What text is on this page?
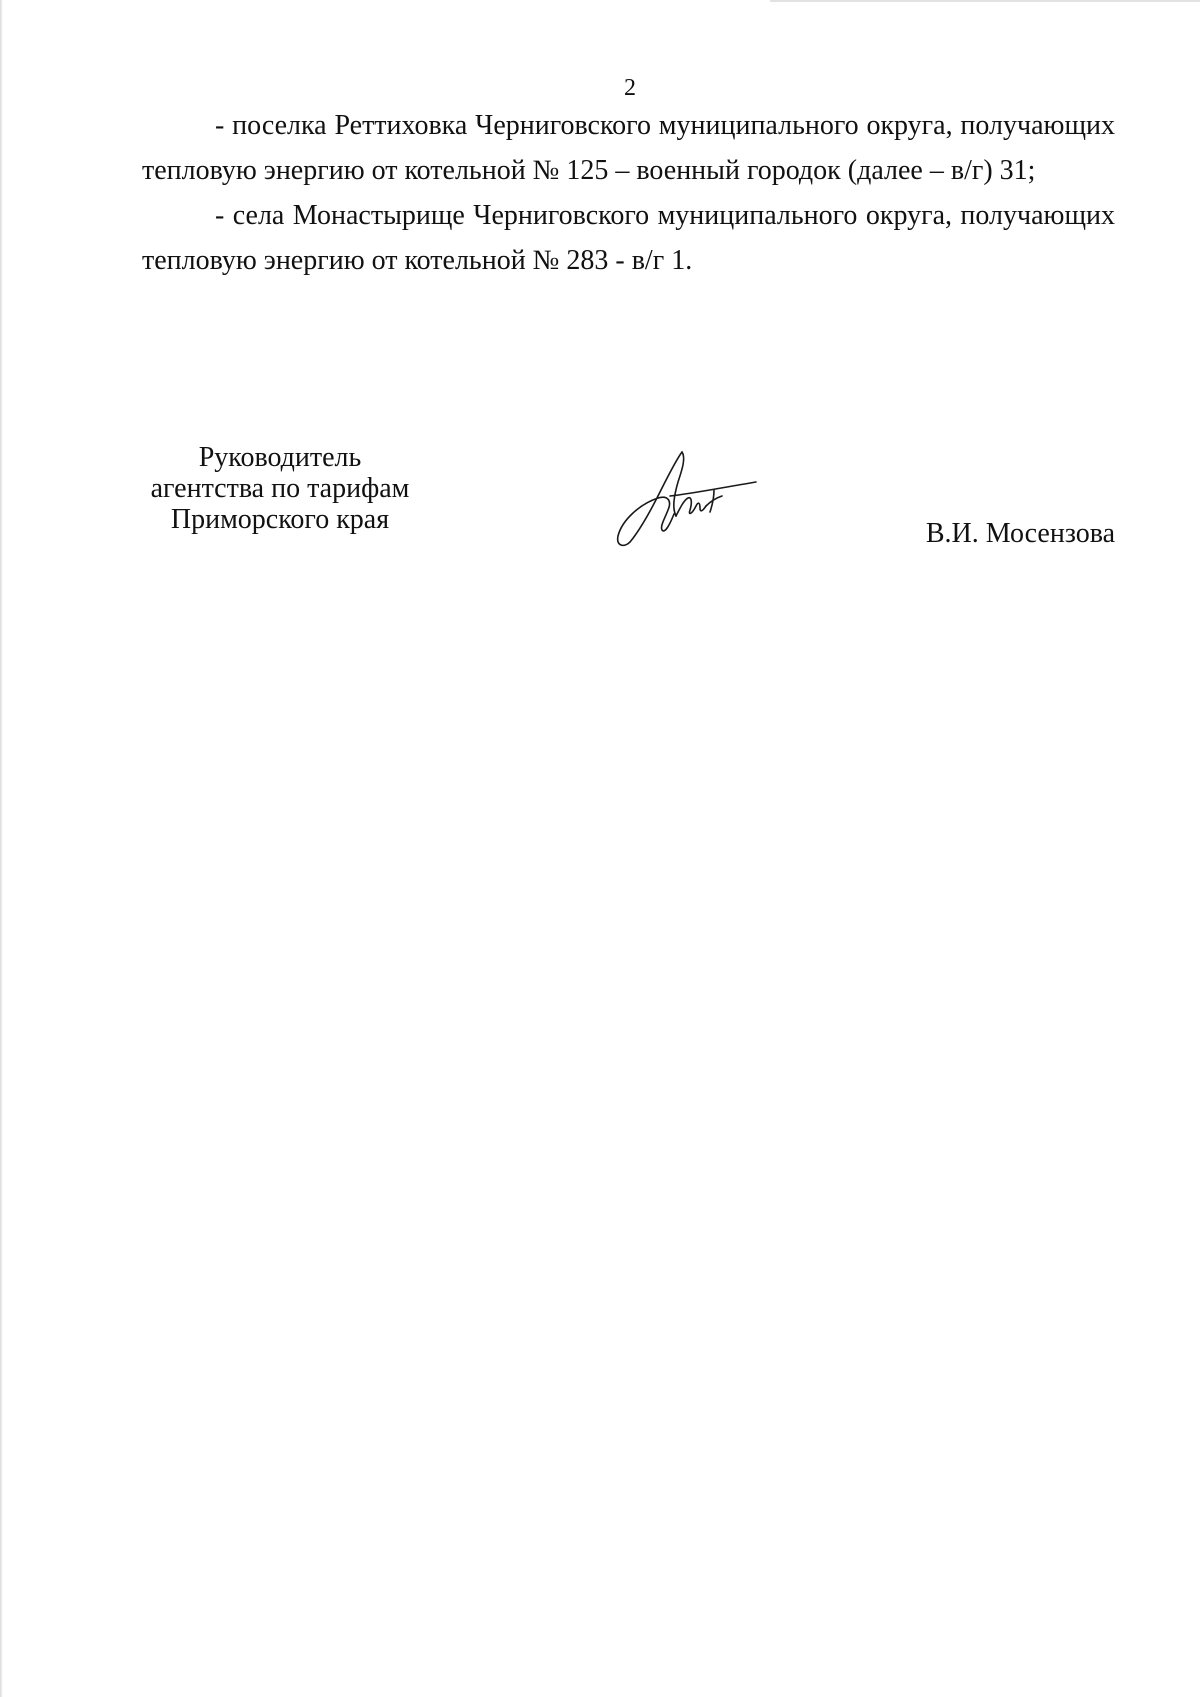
2

- поселка Реттиховка Черниговского муниципального округа, получающих тепловую энергию от котельной № 125 – военный городок (далее – в/г) 31;

- села Монастырище Черниговского муниципального округа, получающих тепловую энергию от котельной № 283 - в/г 1.

Руководитель
агентства по тарифам
Приморского края	В.И. Мосензова
